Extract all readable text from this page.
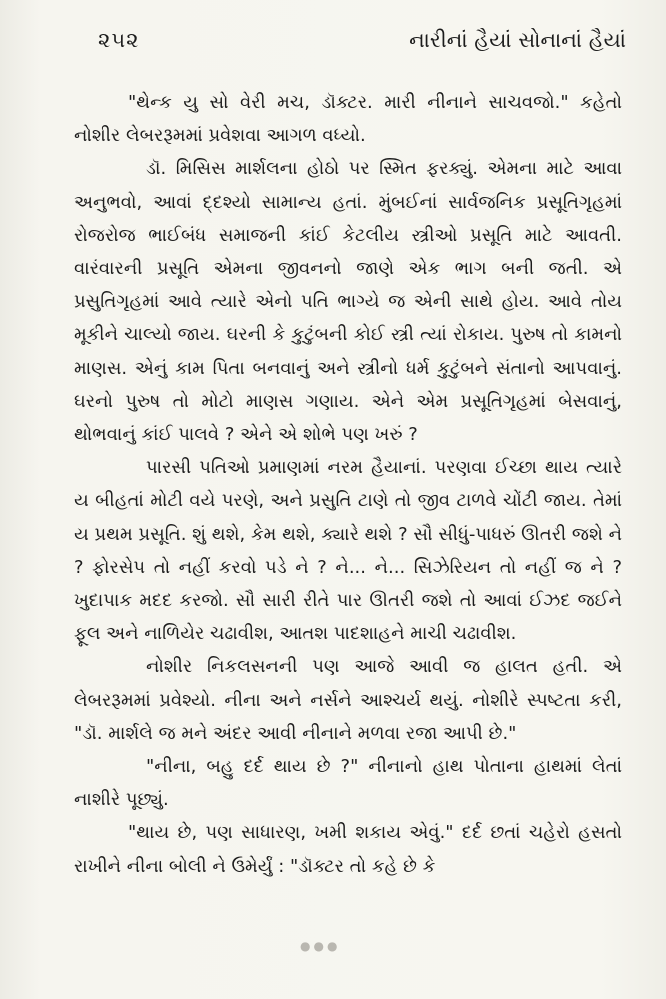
૨૫૨	નારીનાં હૈયાં સોનાનાં હૈયાં

"થેન્ક યુ સો વેરી મચ, ડૉક્ટર. મારી નીનાને સાચવજો." કહેતો નોશીર લેબરરૂમમાં પ્રવેશવા આગળ વધ્યો.

ડૉ. મિસિસ માર્શલના હોઠો પર સ્મિત ફરક્યું. એમના માટે આવા અનુભવો, આવાં દ્દશ્યો સામાન્ય હતાં. મુંબઈનાં સાર્વજનિક પ્રસૂતિગૃહમાં રોજરોજ ભાઈબંધ સમાજની કાંઈ કેટલીય સ્ત્રીઓ પ્રસૂતિ માટે આવતી. વારંવારની પ્રસૂતિ એમના જીવનનો જાણે એક ભાગ બની જતી. એ પ્રસુતિગૃહમાં આવે ત્યારે એનો પતિ ભાગ્યે જ એની સાથે હોય. આવે તોય મૂકીને ચાલ્યો જાય. ઘરની કે કુટુંબની કોઈ સ્ત્રી ત્યાં રોકાય. પુરુષ તો કામનો માણસ. એનું કામ પિતા બનવાનું અને સ્ત્રીનો ધર્મ કુટુંબને સંતાનો આપવાનું. ઘરનો પુરુષ તો મોટો માણસ ગણાય. એને એમ પ્રસૂતિગૃહમાં બેસવાનું, થોભવાનું કાંઈ પાલવે ? એને એ શોભે પણ ખરું ?

પારસી પતિઓ પ્રમાણમાં નરમ હૈયાનાં. પરણવા ઈચ્છા થાય ત્યારે ય બીહતાં મોટી વયે પરણે, અને પ્રસુતિ ટાણે તો જીવ ટાળવે ચોંટી જાય. તેમાં ય પ્રથમ પ્રસૂતિ. શું થશે, કેમ થશે, ક્યારે થશે ? સૌ સીધું-પાધરું ઊતરી જશે ને ? ફોરસેપ તો નહીં કરવો પડે ને ? ને... ને... સિઝેરિયન તો નહીં જ ને ? ખુદાપાક મદદ કરજો. સૌ સારી રીતે પાર ઊતરી જશે તો આવાં ઈઝદ જઈને ફૂલ અને નાળિયેર ચઢાવીશ, આતશ પાદશાહને માચી ચઢાવીશ.

નોશીર નિકલસનની પણ આજે આવી જ હાલત હતી. એ લેબરરૂમમાં પ્રવેશ્યો. નીના અને નર્સને આશ્ચર્ય થયું. નોશીરે સ્પષ્ટતા કરી, "ડૉ. માર્શલે જ મને અંદર આવી નીનાને મળવા રજા આપી છે."

"નીના, બહુ દર્દ થાય છે ?" નીનાનો હાથ પોતાના હાથમાં લેતાં નાશીરે પૂછ્યું.

"થાય છે, પણ સાધારણ, ખમી શકાય એવું." દર્દ છતાં ચહેરો હસતો રાખીને નીના બોલી ને ઉમેર્યું : "ડૉક્ટર તો કહે છે કે

●●●
